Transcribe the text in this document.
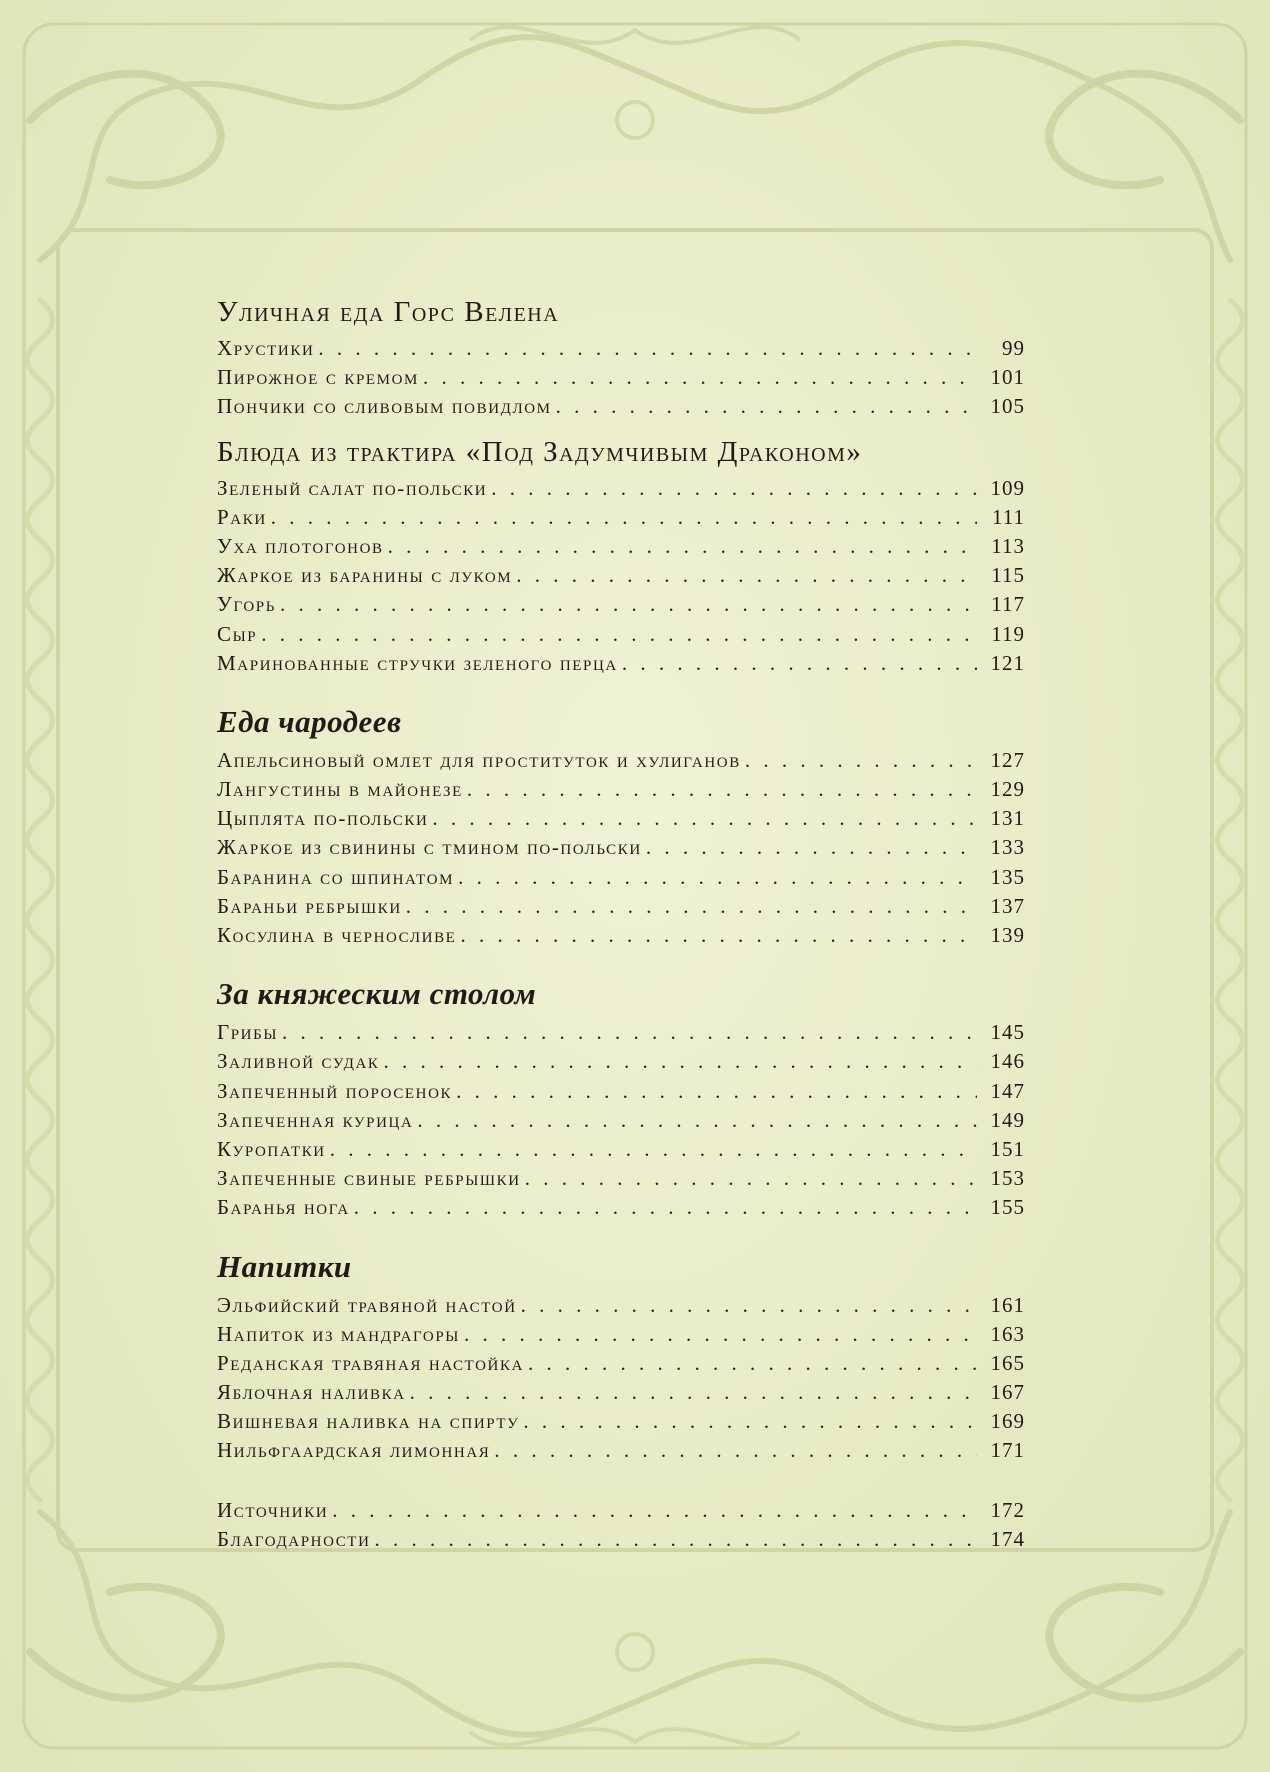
Уличная еда Горс Велена
Хрустики . . .	99
Пирожное с кремом . . .	101
Пончики со сливовым повидлом . . .	105
Блюда из трактира «Под Задумчивым Драконом»
Зеленый салат по-польски . . .	109
Раки . . .	111
Уха плотогонов . . .	113
Жаркое из баранины с луком . . .	115
Угорь . . .	117
Сыр . . .	119
Маринованные стручки зеленого перца . . .	121
Еда чародеев
Апельсиновый омлет для проституток и хулиганов . . .	127
Лангустины в майонезе . . .	129
Цыплята по-польски . . .	131
Жаркое из свинины с тмином по-польски . . .	133
Баранина со шпинатом . . .	135
Бараньи ребрышки . . .	137
Косулина в черносливе . . .	139
За княжеским столом
Грибы . . .	145
Заливной судак . . .	146
Запеченный поросенок . . .	147
Запеченная курица . . .	149
Куропатки . . .	151
Запеченные свиные ребрышки . . .	153
Баранья нога . . .	155
Напитки
Эльфийский травяной настой . . .	161
Напиток из мандрагоры . . .	163
Реданская травяная настойка . . .	165
Яблочная наливка . . .	167
Вишневая наливка на спирту . . .	169
Нильфгаардская лимонная . . .	171
Источники . . .	172
Благодарности . . .	174
